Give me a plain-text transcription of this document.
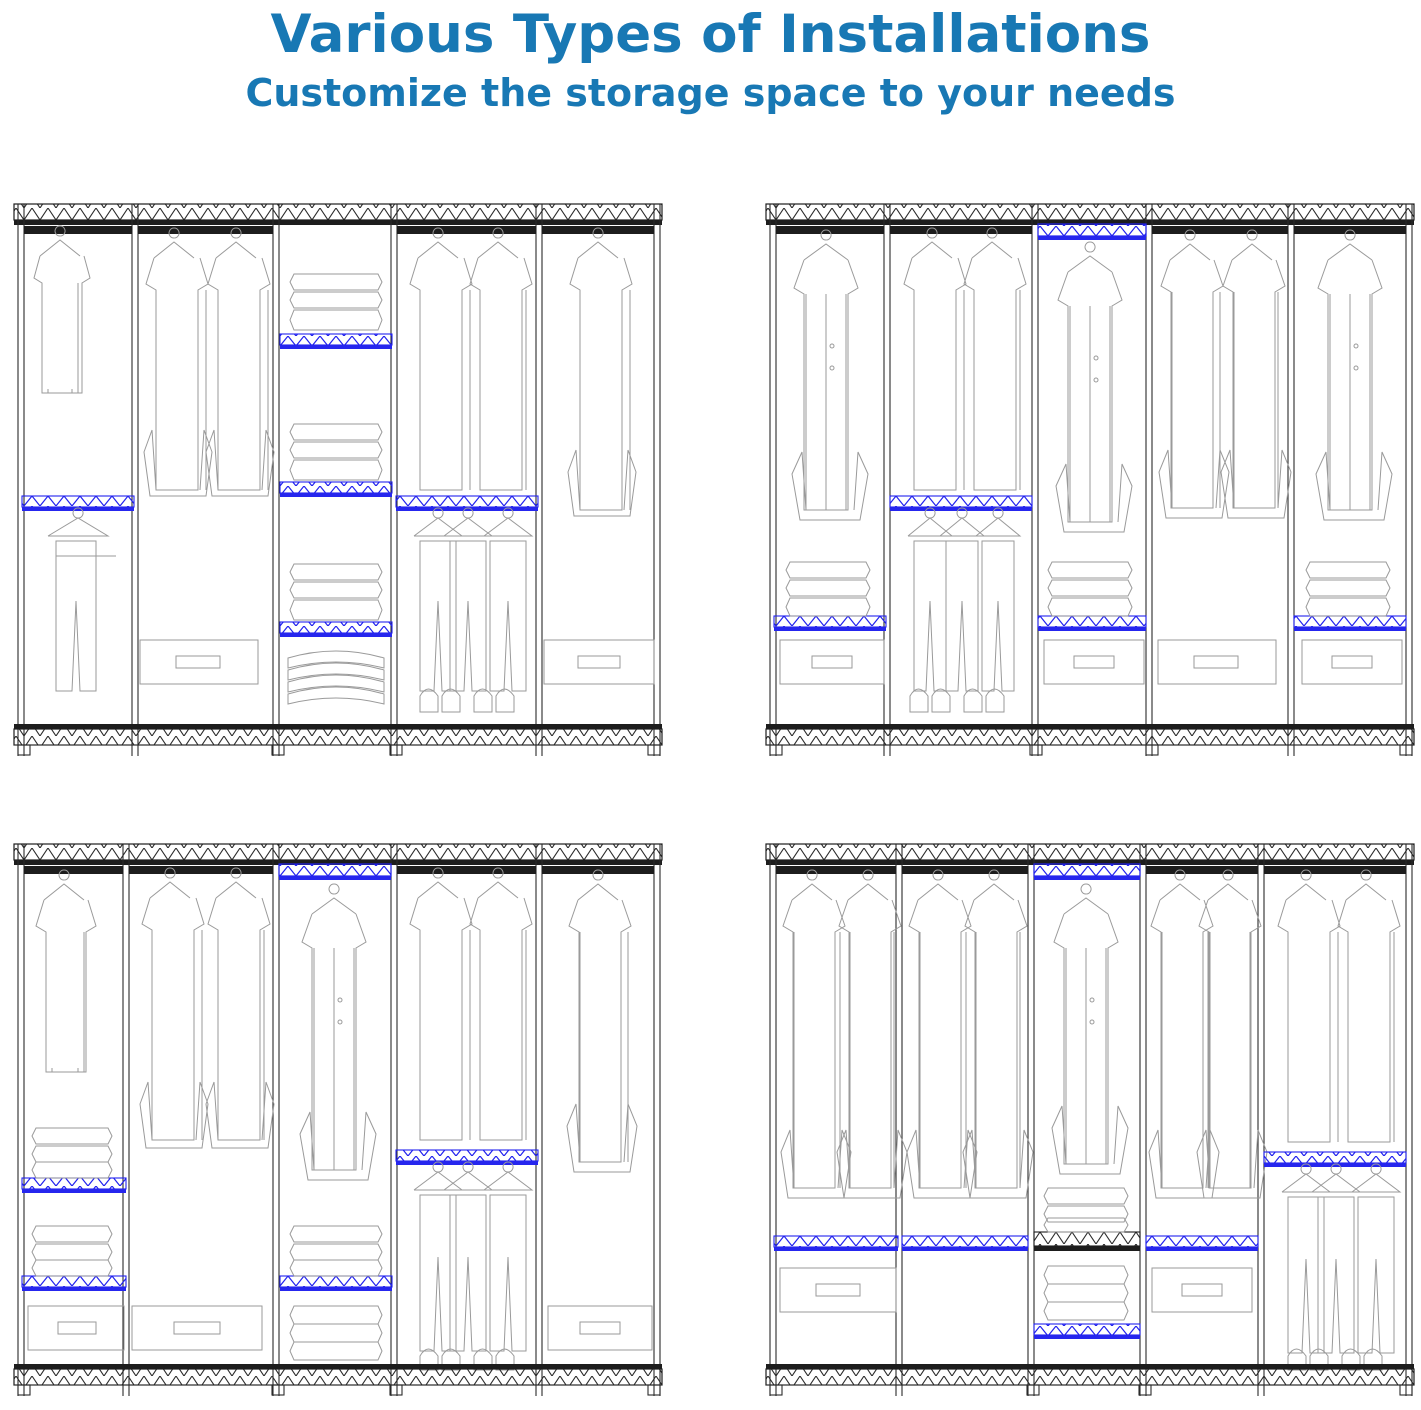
Various Types of Installations
Customize the storage space to your needs
